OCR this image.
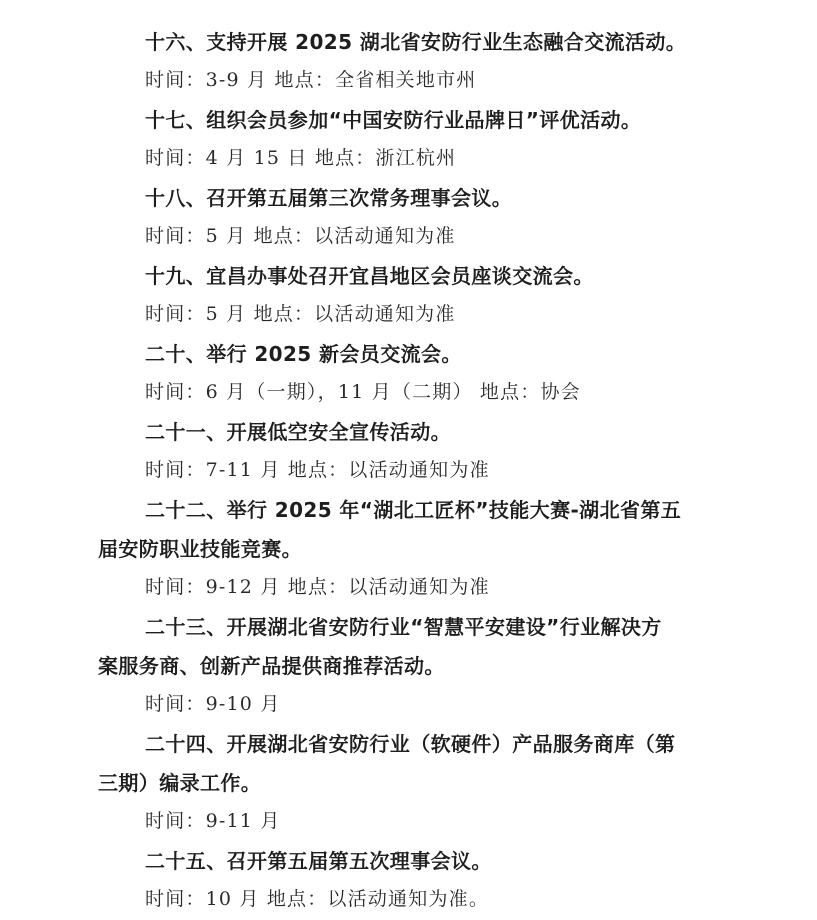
十六、支持开展 2025 湖北省安防行业生态融合交流活动。
时间：3-9 月 地点：全省相关地市州
十七、组织会员参加“中国安防行业品牌日”评优活动。
时间：4 月 15 日 地点：浙江杭州
十八、召开第五届第三次常务理事会议。
时间：5 月 地点：以活动通知为准
十九、宜昌办事处召开宜昌地区会员座谈交流会。
时间：5 月 地点：以活动通知为准
二十、举行 2025 新会员交流会。
时间：6 月（一期），11 月（二期） 地点：协会
二十一、开展低空安全宣传活动。
时间：7-11 月 地点：以活动通知为准
二十二、举行 2025 年“湖北工匠杯”技能大赛-湖北省第五
届安防职业技能竞赛。
时间：9-12 月 地点：以活动通知为准
二十三、开展湖北省安防行业“智慧平安建设”行业解决方
案服务商、创新产品提供商推荐活动。
时间：9-10 月
二十四、开展湖北省安防行业（软硬件）产品服务商库（第
三期）编录工作。
时间：9-11 月
二十五、召开第五届第五次理事会议。
时间：10 月 地点：以活动通知为准。
